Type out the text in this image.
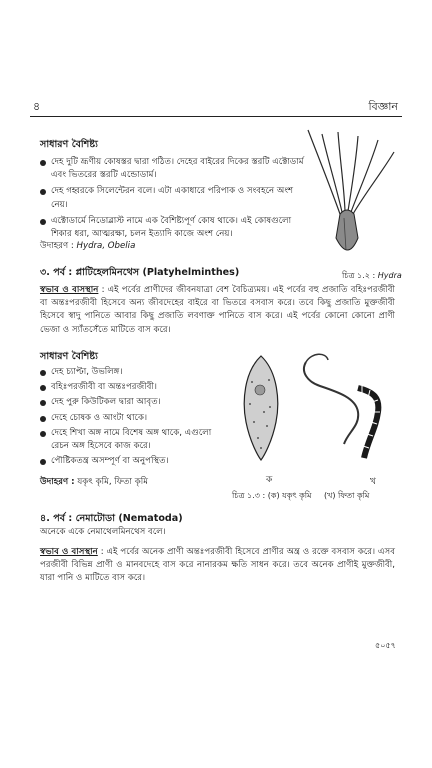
৪	বিজ্ঞান
সাধারণ বৈশিষ্ট্য
দেহ দুটি ভ্রূণীয় কোষস্তর দ্বারা গঠিত। দেহের বাইরের দিকের স্তরটি এক্টোডার্ম এবং ভিতরের স্তরটি এন্ডোডার্ম।
দেহ গহ্বরকে সিলেন্টেরন বলে। এটা একাধারে পরিপাক ও সংবহনে অংশ নেয়।
এক্টোডার্মে নিডোব্লাস্ট নামে এক বৈশিষ্ট্যপূর্ণ কোষ থাকে। এই কোষগুলো শিকার ধরা, আত্মরক্ষা, চলন ইত্যাদি কাজে অংশ নেয়।
উদাহরণ : Hydra, Obelia
চিত্র ১.২ : Hydra
৩. পর্ব : প্লাটিহেলমিনথেস (Platyhelminthes)
স্বভাব ও বাসস্থান : এই পর্বের প্রাণীদের জীবনযাত্রা বেশ বৈচিত্র্যময়। এই পর্বের বহু প্রজাতি বহিঃপরজীবী বা অন্তঃপরজীবী হিসেবে অন্য জীবদেহের বাইরে বা ভিতরে বসবাস করে। তবে কিছু প্রজাতি মুক্তজীবী হিসেবে স্বাদু পানিতে আবার কিছু প্রজাতি লবণাক্ত পানিতে বাস করে। এই পর্বের কোনো কোনো প্রাণী ভেজা ও স্যাঁতসেঁতে মাটিতে বাস করে।
সাধারণ বৈশিষ্ট্য
দেহ চ্যাপ্টা, উভলিঙ্গ।
বহিঃপরজীবী বা অন্তঃপরজীবী।
দেহ পুরু কিউটিকল দ্বারা আবৃত।
দেহে চোষক ও আংটা থাকে।
দেহে শিখা অঙ্গ নামে বিশেষ অঙ্গ থাকে, এগুলো রেচন অঙ্গ হিসেবে কাজ করে।
পৌষ্টিকতন্ত্র অসম্পূর্ণ বা অনুপস্থিত।
উদাহরণ : যকৃৎ কৃমি, ফিতা কৃমি	ক	খ
চিত্র ১.৩ : (ক) যকৃৎ কৃমি (খ) ফিতা কৃমি
৪. পর্ব : নেমাটোডা (Nematoda)
অনেকে একে নেমাথেলমিনথেস বলে।
স্বভাব ও বাসস্থান : এই পর্বের অনেক প্রাণী অন্তঃপরজীবী হিসেবে প্রাণীর অন্ত্র ও রক্তে বসবাস করে। এসব পরজীবী বিভিন্ন প্রাণী ও মানবদেহে বাস করে নানারকম ক্ষতি সাধন করে। তবে অনেক প্রাণীই মুক্তজীবী, যারা পানি ও মাটিতে বাস করে।
৫০৫৭
